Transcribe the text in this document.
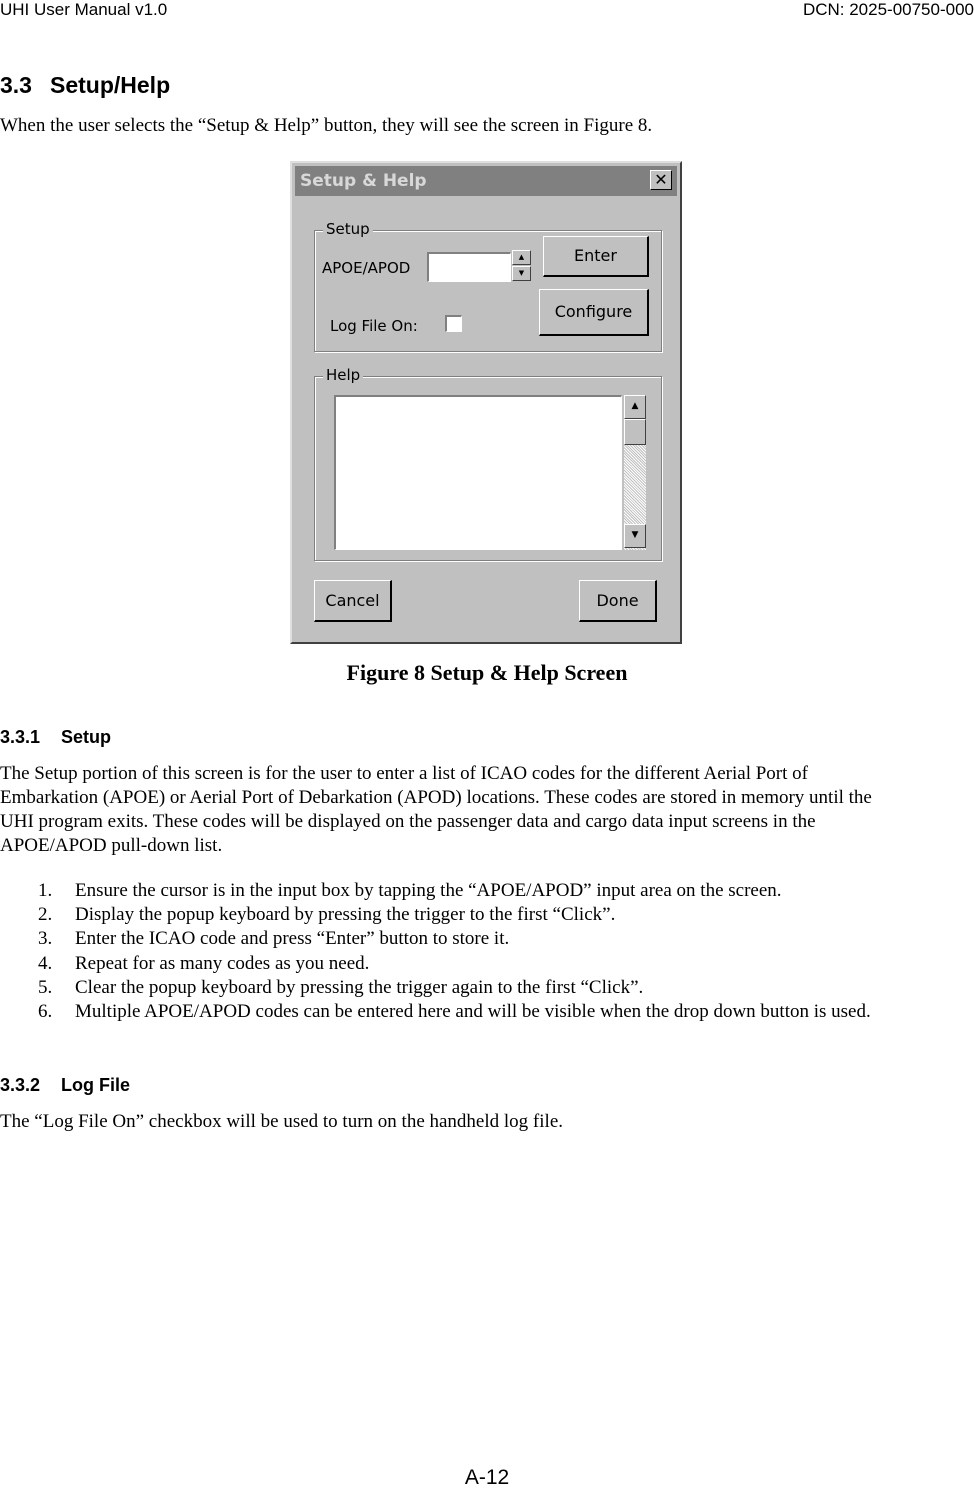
UHI User Manual v1.0	DCN: 2025-00750-000
3.3 Setup/Help
When the user selects the “Setup & Help” button, they will see the screen in Figure 8.
Setup & Help	✕
Setup
APOE/APOD
▲
▼
Enter
Configure
Log File On:
Help
▲
▼
Cancel	Done
Figure 8 Setup & Help Screen
3.3.1 Setup
The Setup portion of this screen is for the user to enter a list of ICAO codes for the different Aerial Port of
Embarkation (APOE) or Aerial Port of Debarkation (APOD) locations. These codes are stored in memory until the
UHI program exits. These codes will be displayed on the passenger data and cargo data input screens in the
APOE/APOD pull-down list.
1. Ensure the cursor is in the input box by tapping the “APOE/APOD” input area on the screen.
2. Display the popup keyboard by pressing the trigger to the first “Click”.
3. Enter the ICAO code and press “Enter” button to store it.
4. Repeat for as many codes as you need.
5. Clear the popup keyboard by pressing the trigger again to the first “Click”.
6. Multiple APOE/APOD codes can be entered here and will be visible when the drop down button is used.
3.3.2 Log File
The “Log File On” checkbox will be used to turn on the handheld log file.
A-12
